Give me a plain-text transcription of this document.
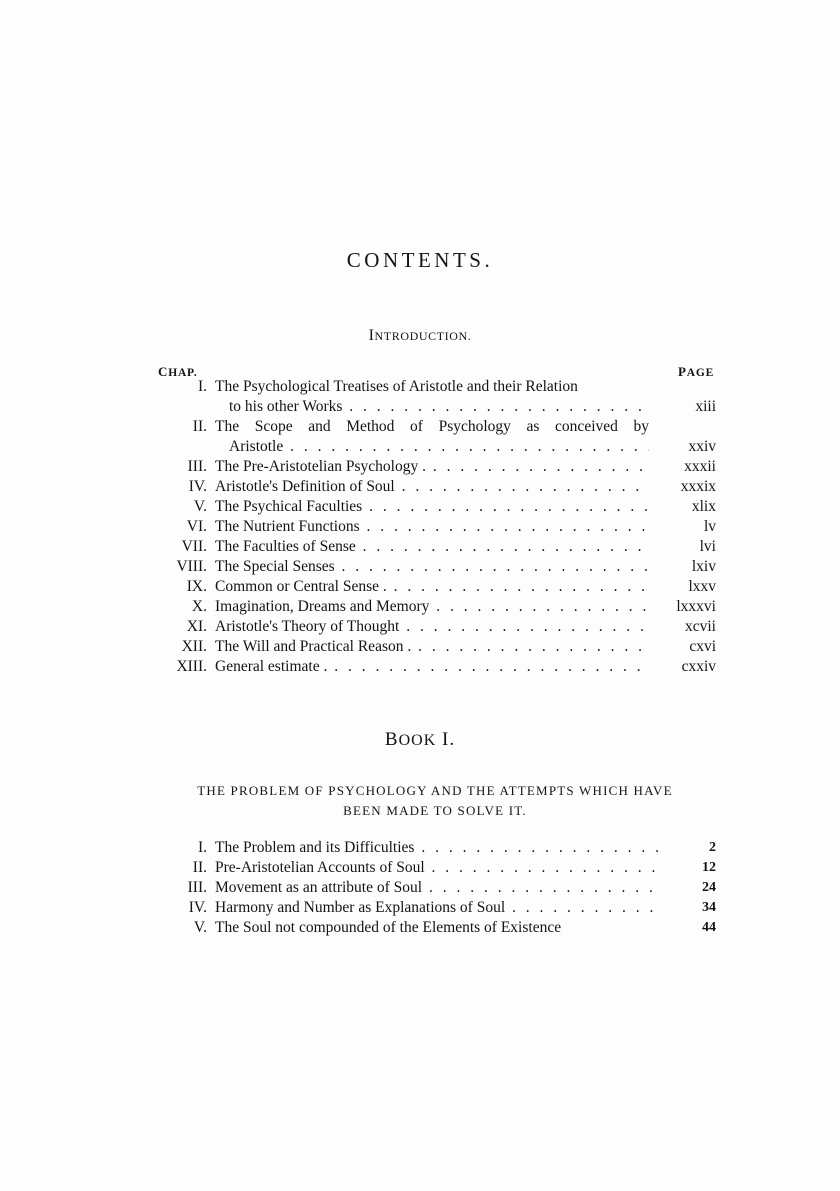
CONTENTS.
INTRODUCTION.
CHAP.	PAGE
I. The Psychological Treatises of Aristotle and their Relation
to his other Works . .	xiii
II. The Scope and Method of Psychology as conceived by
Aristotle . .	xxiv
III. The Pre-Aristotelian Psychology . . .	xxxii
IV. Aristotle's Definition of Soul . .	xxxix
V. The Psychical Faculties . .	xlix
VI. The Nutrient Functions . .	lv
VII. The Faculties of Sense . .	lvi
VIII. The Special Senses . .	lxiv
IX. Common or Central Sense . . .	lxxv
X. Imagination, Dreams and Memory . .	lxxxvi
XI. Aristotle's Theory of Thought . .	xcvii
XII. The Will and Practical Reason . . .	cxvi
XIII. General estimate . . .	cxxiv
BOOK I.
THE PROBLEM OF PSYCHOLOGY AND THE ATTEMPTS WHICH HAVE
BEEN MADE TO SOLVE IT.
I. The Problem and its Difficulties . .	2
II. Pre-Aristotelian Accounts of Soul . .	12
III. Movement as an attribute of Soul . .	24
IV. Harmony and Number as Explanations of Soul . .	34
V. The Soul not compounded of the Elements of Existence	44
